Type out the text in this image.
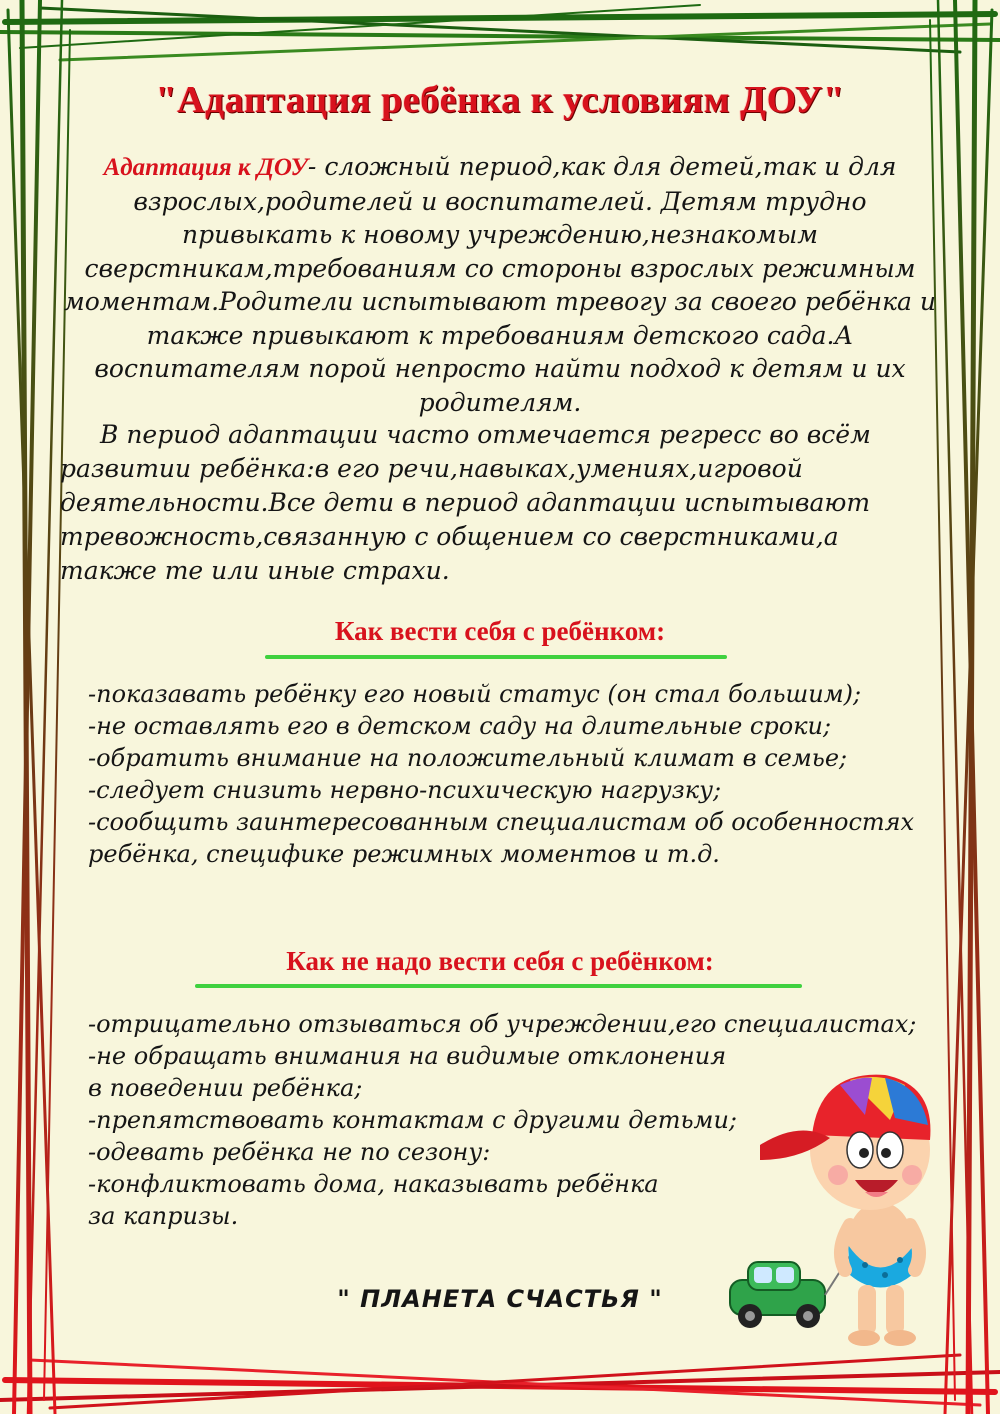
"Адаптация ребёнка к условиям ДОУ"
Адаптация к ДОУ- сложный период,как для детей,так и для взрослых,родителей и воспитателей. Детям трудно привыкать к новому учреждению,незнакомым сверстникам,требованиям со стороны взрослых режимным моментам.Родители испытывают тревогу за своего ребёнка и также привыкают к требованиям детского сада.А воспитателям порой непросто найти подход к детям и их родителям.
В период адаптации часто отмечается регресс во всём развитии ребёнка:в его речи,навыках,умениях,игровой деятельности.Все дети в период адаптации испытывают тревожность,связанную с общением со сверстниками,а также те или иные страхи.
Как вести себя с ребёнком:
-показавать ребёнку его новый статус (он стал большим);
-не оставлять его в детском саду на длительные сроки;
-обратить внимание на положительный климат в семье;
-следует снизить нервно-психическую нагрузку;
-сообщить заинтересованным специалистам об особенностях ребёнка, специфике режимных моментов и т.д.
Как не надо вести себя с ребёнком:
-отрицательно отзываться об учреждении,его специалистах;
-не обращать внимания на видимые отклонения
в поведении ребёнка;
-препятствовать контактам с другими детьми;
-одевать ребёнка не по сезону:
-конфликтовать дома, наказывать ребёнка
за капризы.
" ПЛАНЕТА СЧАСТЬЯ "
